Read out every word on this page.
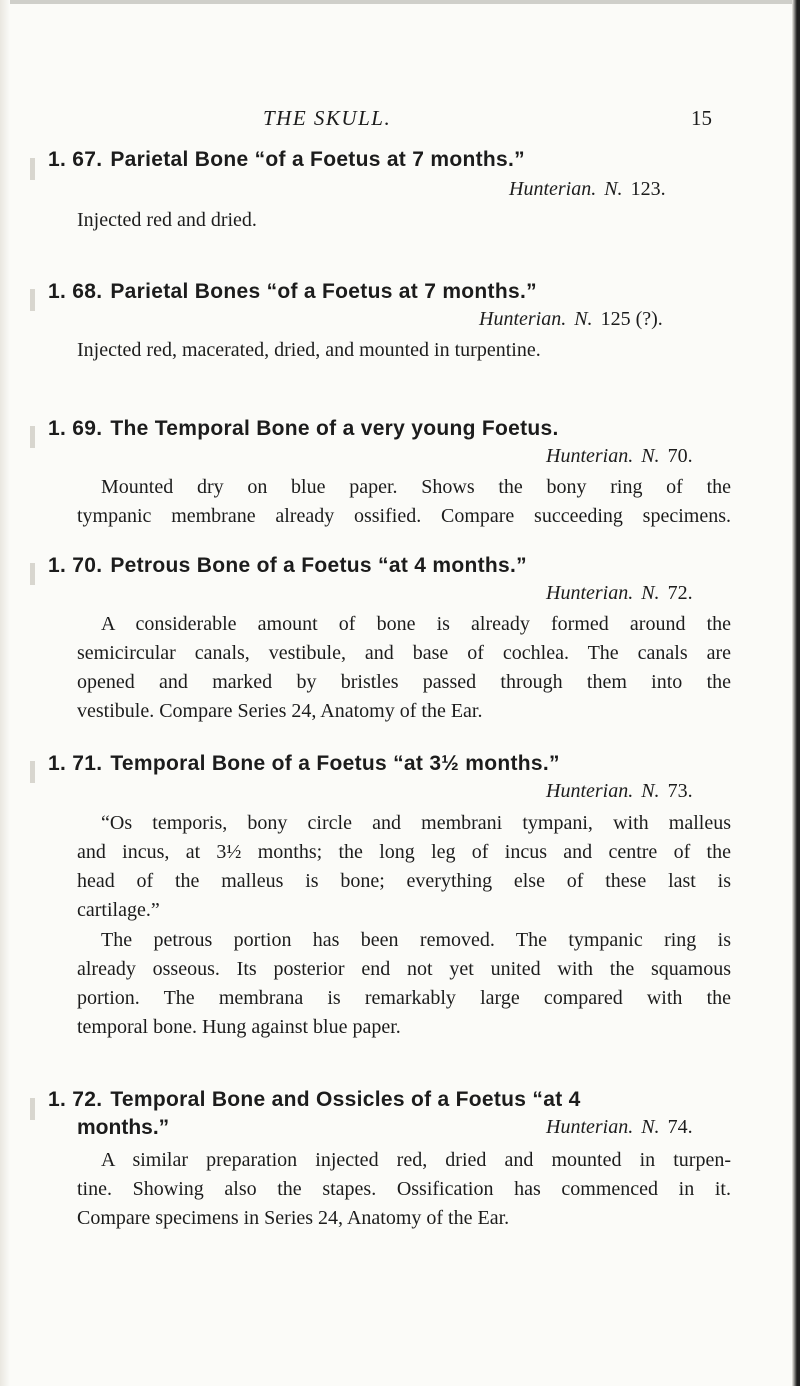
THE SKULL.	15
1. 67. Parietal Bone “of a Foetus at 7 months.”
Hunterian. N. 123.
Injected red and dried.
1. 68. Parietal Bones “of a Foetus at 7 months.”
Hunterian. N. 125 (?).
Injected red, macerated, dried, and mounted in turpentine.
1. 69. The Temporal Bone of a very young Foetus.
Hunterian. N. 70.
Mounted dry on blue paper. Shows the bony ring of the
tympanic membrane already ossified. Compare succeeding specimens.
1. 70. Petrous Bone of a Foetus “at 4 months.”
Hunterian. N. 72.
A considerable amount of bone is already formed around the
semicircular canals, vestibule, and base of cochlea. The canals are
opened and marked by bristles passed through them into the
vestibule. Compare Series 24, Anatomy of the Ear.
1. 71. Temporal Bone of a Foetus “at 3½ months.”
Hunterian. N. 73.
“Os temporis, bony circle and membrani tympani, with malleus
and incus, at 3½ months; the long leg of incus and centre of the
head of the malleus is bone; everything else of these last is
cartilage.”
The petrous portion has been removed. The tympanic ring is
already osseous. Its posterior end not yet united with the squamous
portion. The membrana is remarkably large compared with the
temporal bone. Hung against blue paper.
1. 72. Temporal Bone and Ossicles of a Foetus “at 4
months.”	Hunterian. N. 74.
A similar preparation injected red, dried and mounted in turpen-
tine. Showing also the stapes. Ossification has commenced in it.
Compare specimens in Series 24, Anatomy of the Ear.
